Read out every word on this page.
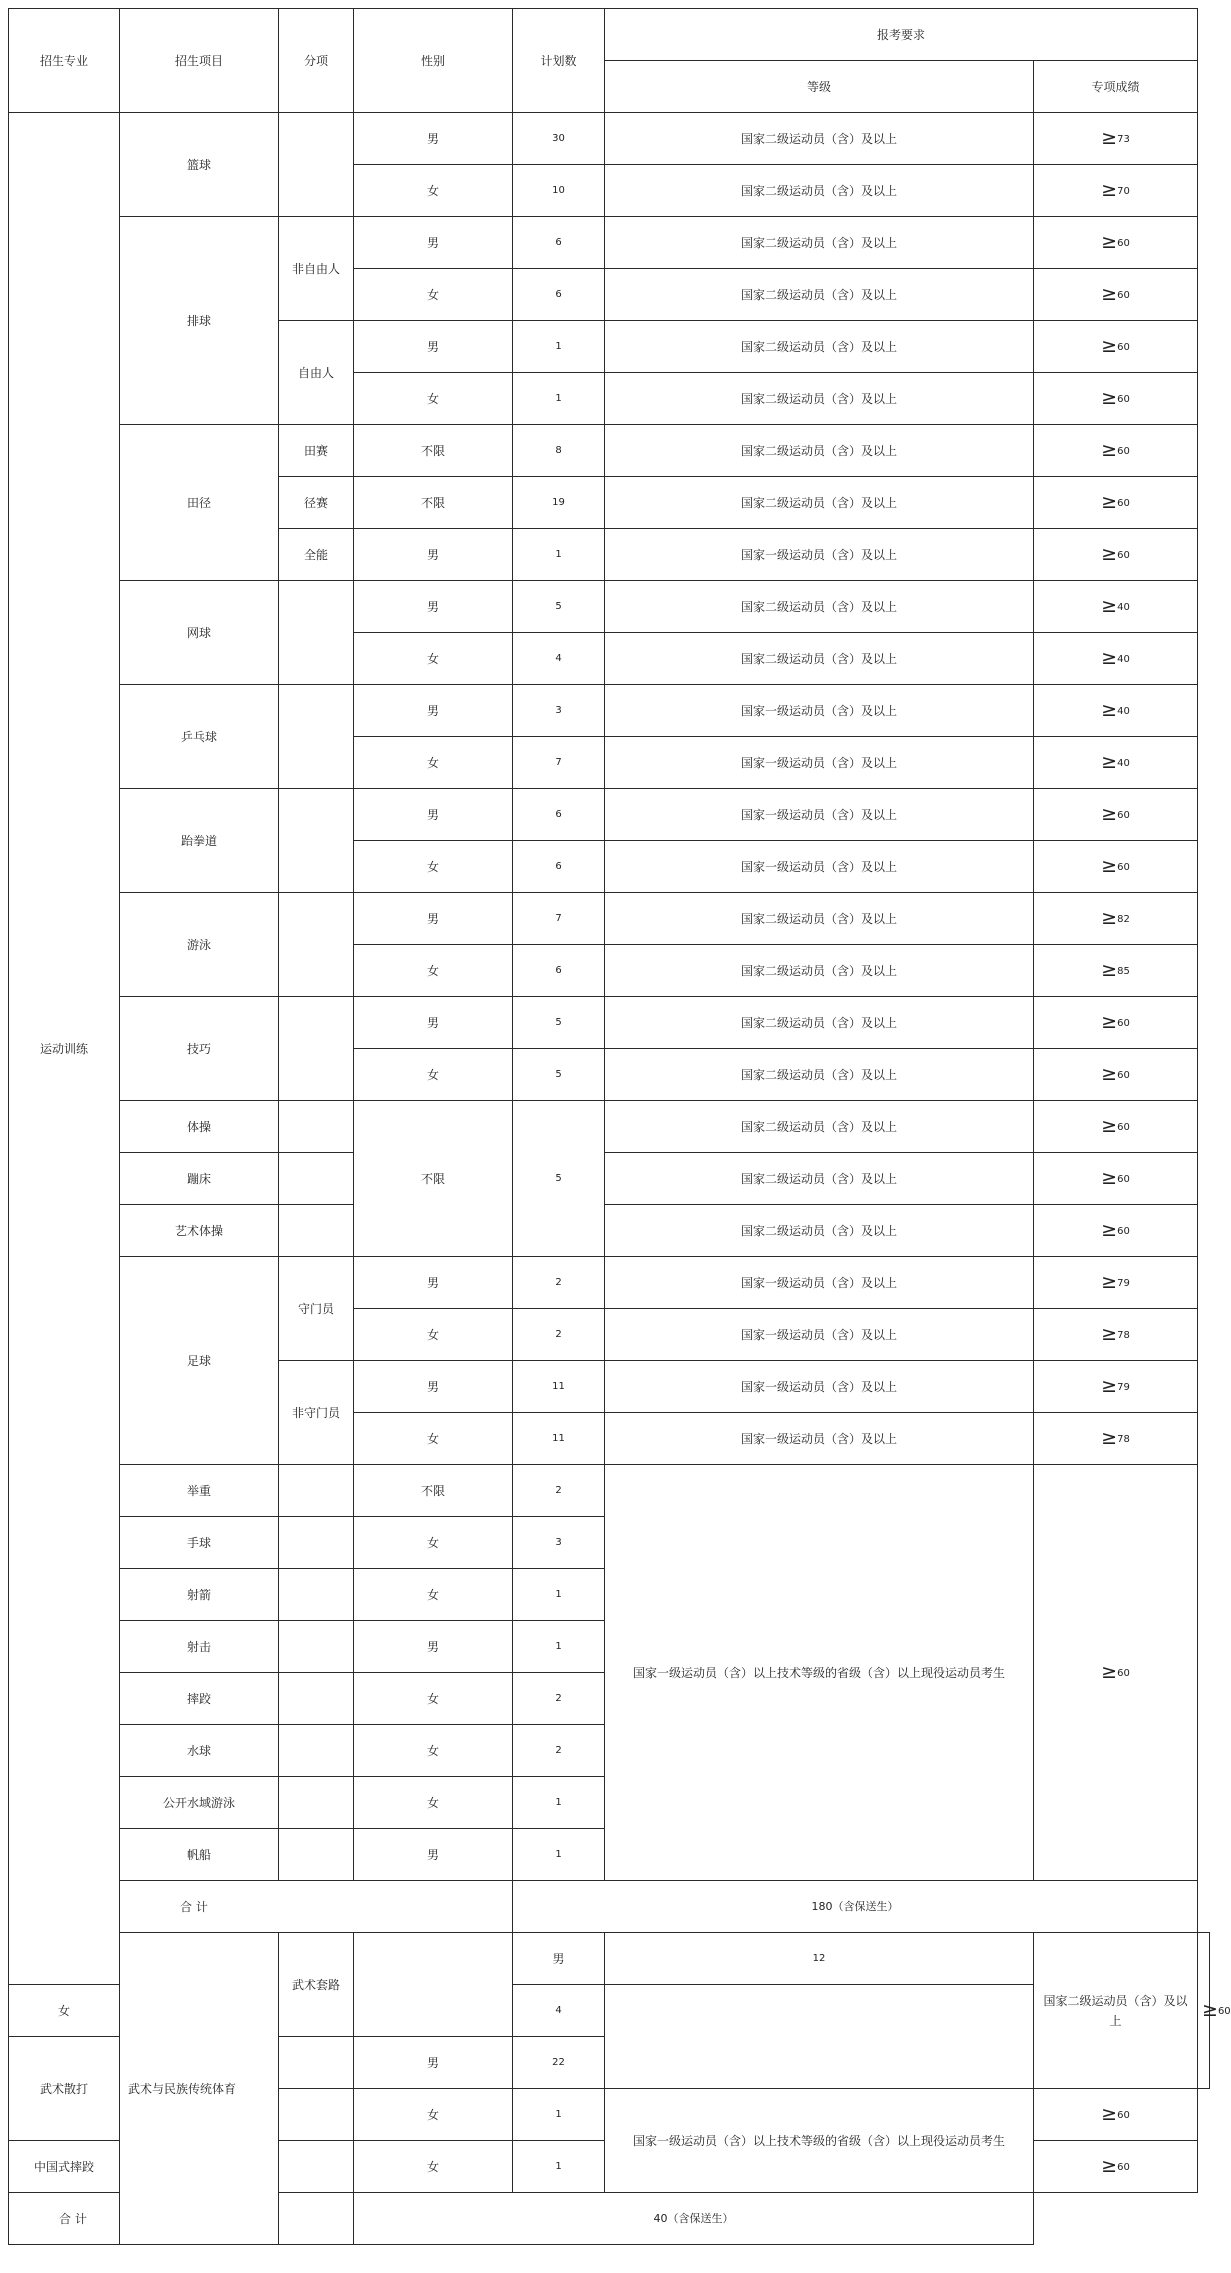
招生专业	招生项目	分项	性别	计划数	报考要求		
					等级	专项成绩	
运动训练	篮球		男	30	国家二级运动员（含）及以上	≥73	
			女	10	国家二级运动员（含）及以上	≥70	
	排球	非自由人	男	6	国家二级运动员（含）及以上	≥60	
			女	6	国家二级运动员（含）及以上	≥60	
		自由人	男	1	国家二级运动员（含）及以上	≥60	
			女	1	国家二级运动员（含）及以上	≥60	
	田径	田赛	不限	8	国家二级运动员（含）及以上	≥60	
		径赛	不限	19	国家二级运动员（含）及以上	≥60	
		全能	男	1	国家一级运动员（含）及以上	≥60	
	网球		男	5	国家二级运动员（含）及以上	≥40	
			女	4	国家二级运动员（含）及以上	≥40	
	乒乓球		男	3	国家一级运动员（含）及以上	≥40	
			女	7	国家一级运动员（含）及以上	≥40	
	跆拳道		男	6	国家一级运动员（含）及以上	≥60	
			女	6	国家一级运动员（含）及以上	≥60	
	游泳		男	7	国家二级运动员（含）及以上	≥82	
			女	6	国家二级运动员（含）及以上	≥85	
	技巧		男	5	国家二级运动员（含）及以上	≥60	
			女	5	国家二级运动员（含）及以上	≥60	
	体操		不限	5	国家二级运动员（含）及以上	≥60	
	蹦床				国家二级运动员（含）及以上	≥60	
	艺术体操				国家二级运动员（含）及以上	≥60	
	足球	守门员	男	2	国家一级运动员（含）及以上	≥79	
			女	2	国家一级运动员（含）及以上	≥78	
		非守门员	男	11	国家一级运动员（含）及以上	≥79	
			女	11	国家一级运动员（含）及以上	≥78	
	举重		不限	2	国家一级运动员（含）以上技术等级的省级（含）以上现役运动员考生	≥60	
	手球		女	3			
	射箭		女	1			
	射击		男	1			
	摔跤		女	2			
	水球		女	2			
	公开水域游泳		女	1			
	帆船		男	1			
	合 计			180（含保送生）			
	武术与民族传统体育	武术套路		男	12	国家二级运动员（含）及以上	≥60
女				4			
武术散打			男	22			
			女	1	国家一级运动员（含）以上技术等级的省级（含）以上现役运动员考生	≥60	
中国式摔跤			女	1		≥60	
合 计			40（含保送生）				
